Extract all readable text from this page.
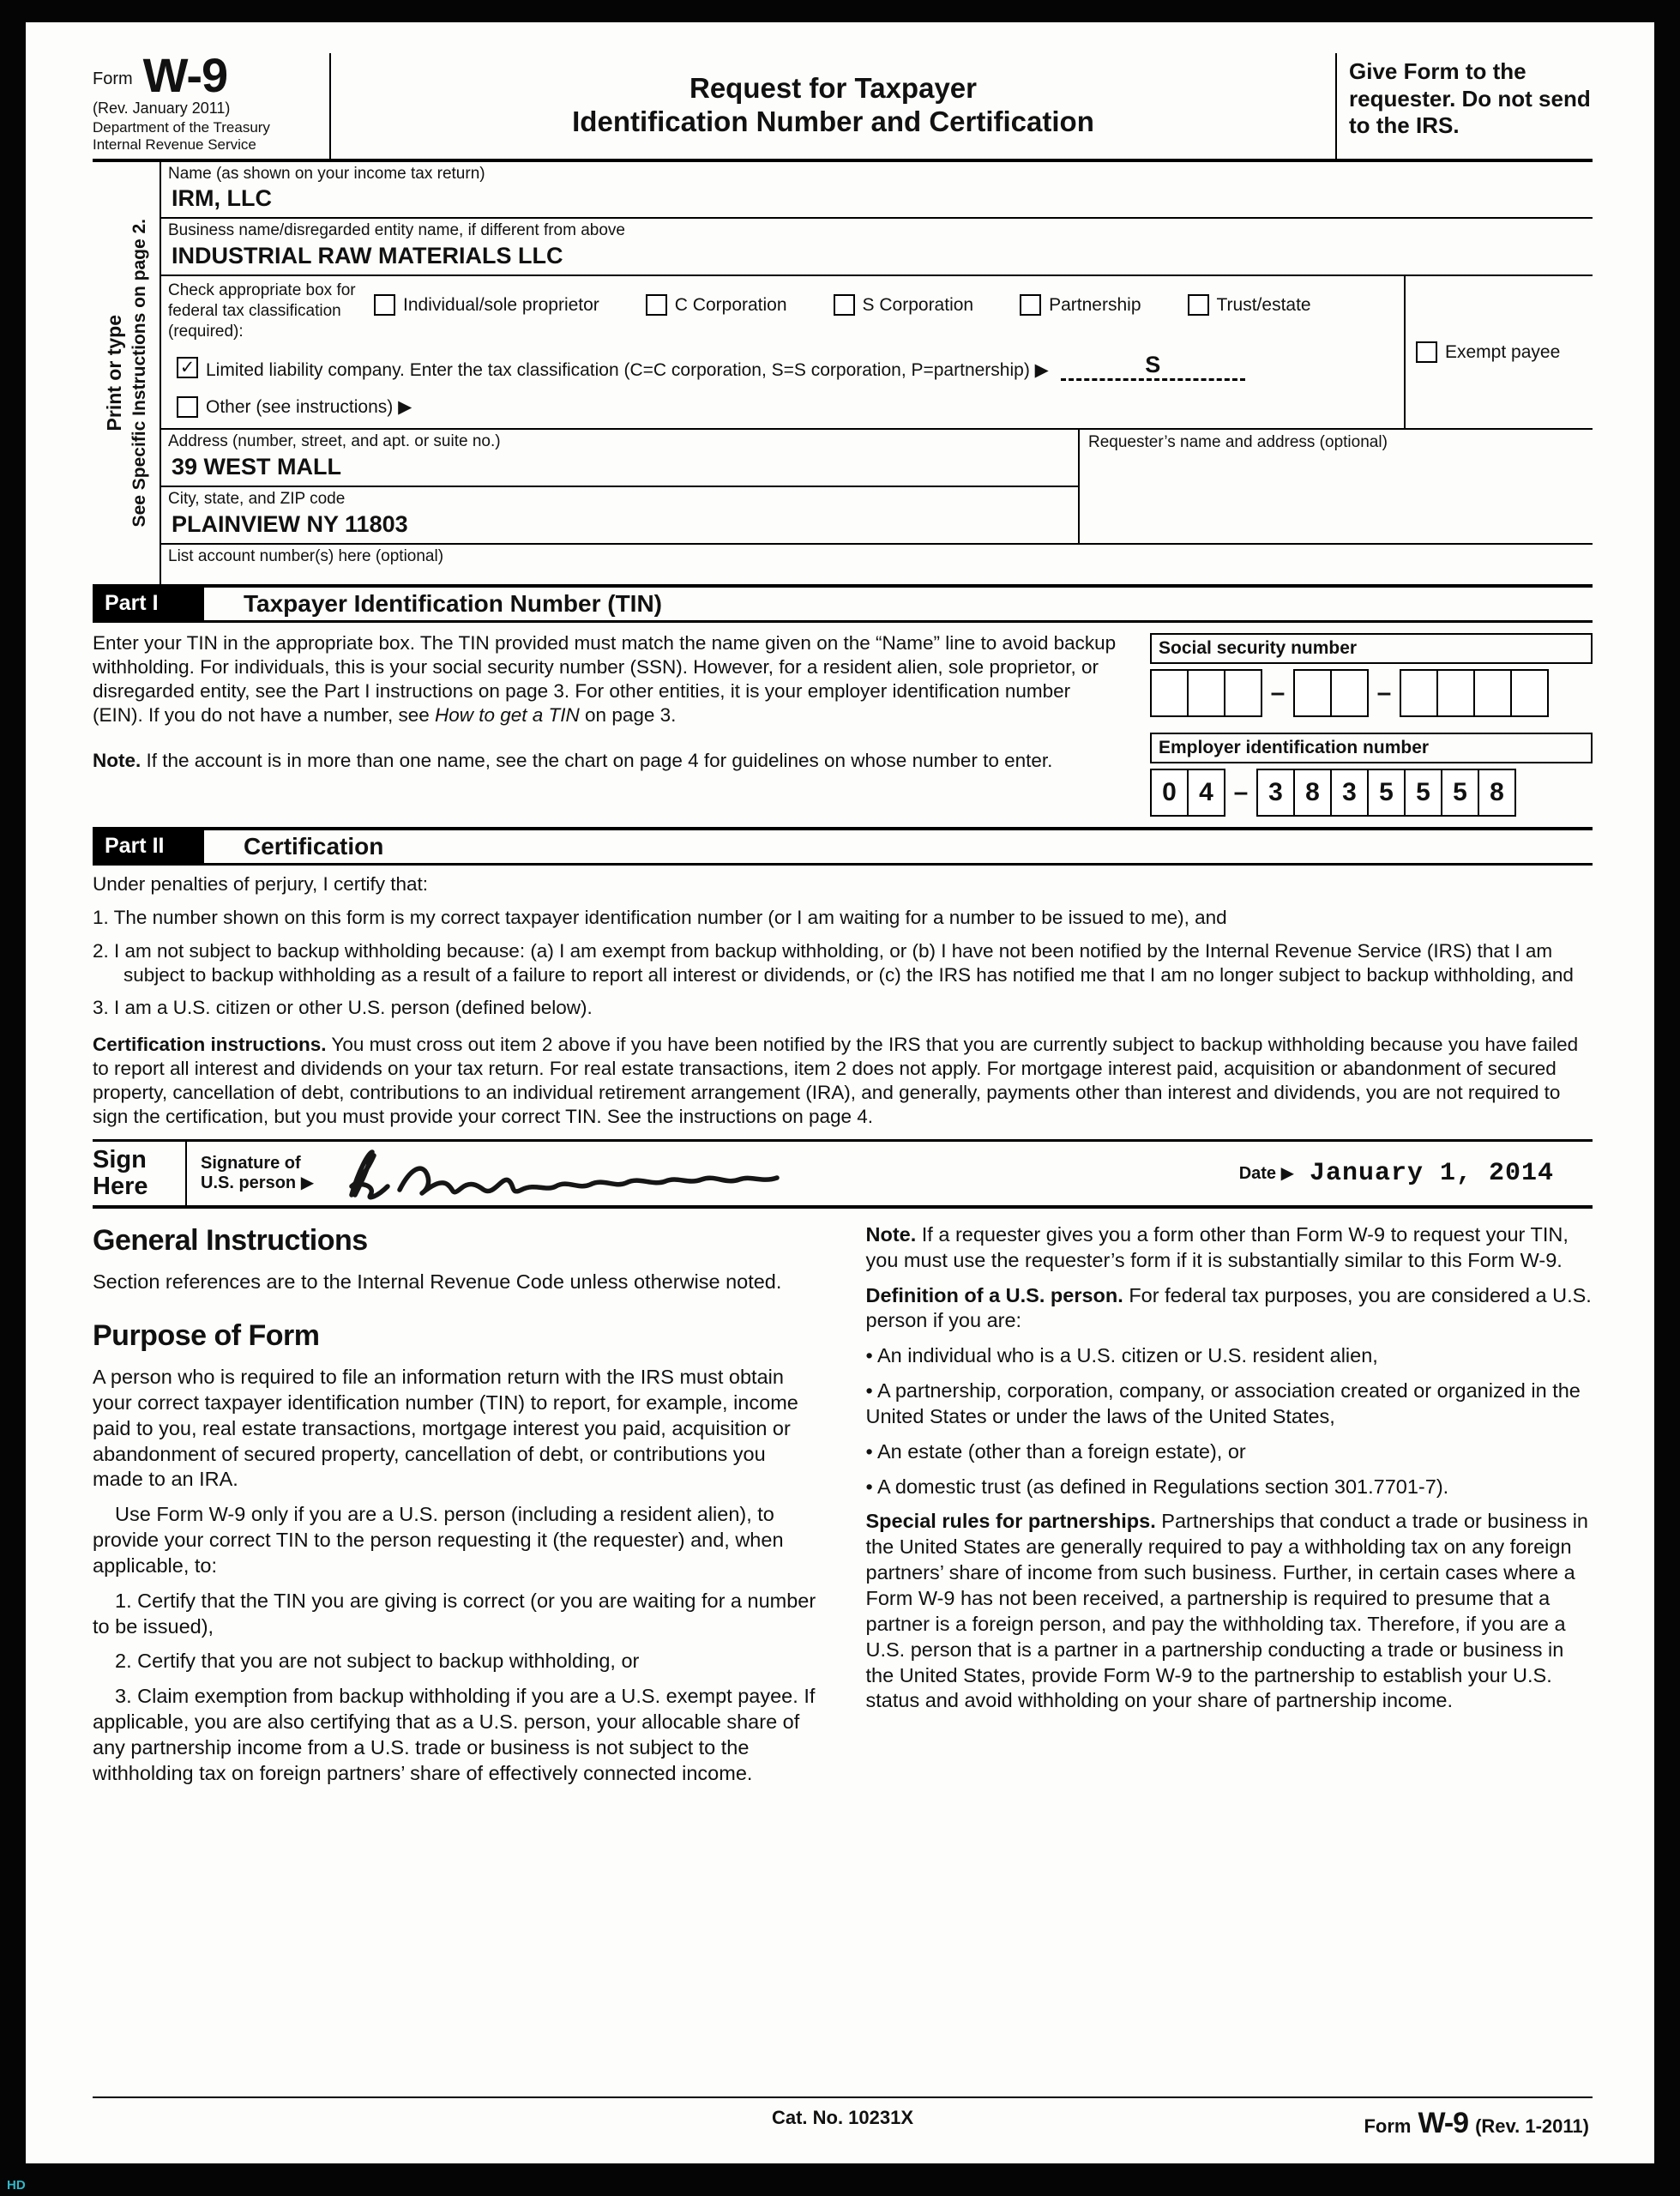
Form W-9
(Rev. January 2011)
Department of the Treasury
Internal Revenue Service
Request for Taxpayer
Identification Number and Certification
Give Form to the requester. Do not send to the IRS.
Print or type See Specific Instructions on page 2.
Name (as shown on your income tax return)
IRM, LLC
Business name/disregarded entity name, if different from above
INDUSTRIAL RAW MATERIALS LLC
Check appropriate box for federal tax classification (required):
Individual/sole proprietor	C Corporation	S Corporation	Partnership	Trust/estate
✓ Limited liability company. Enter the tax classification (C=C corporation, S=S corporation, P=partnership) ▶	S
Other (see instructions) ▶
Exempt payee
Address (number, street, and apt. or suite no.)
39 WEST MALL
City, state, and ZIP code
PLAINVIEW NY 11803
Requester’s name and address (optional)
List account number(s) here (optional)
Part I	Taxpayer Identification Number (TIN)

Enter your TIN in the appropriate box. The TIN provided must match the name given on the “Name” line to avoid backup withholding. For individuals, this is your social security number (SSN). However, for a resident alien, sole proprietor, or disregarded entity, see the Part I instructions on page 3. For other entities, it is your employer identification number (EIN). If you do not have a number, see How to get a TIN on page 3.

Note. If the account is in more than one name, see the chart on page 4 for guidelines on whose number to enter.

Social security number
–	–
Employer identification number
0 4 – 3 8 3 5 5 5 8
Part II	Certification
Under penalties of perjury, I certify that:
1. The number shown on this form is my correct taxpayer identification number (or I am waiting for a number to be issued to me), and
2. I am not subject to backup withholding because: (a) I am exempt from backup withholding, or (b) I have not been notified by the Internal Revenue Service (IRS) that I am subject to backup withholding as a result of a failure to report all interest or dividends, or (c) the IRS has notified me that I am no longer subject to backup withholding, and
3. I am a U.S. citizen or other U.S. person (defined below).
Certification instructions. You must cross out item 2 above if you have been notified by the IRS that you are currently subject to backup withholding because you have failed to report all interest and dividends on your tax return. For real estate transactions, item 2 does not apply. For mortgage interest paid, acquisition or abandonment of secured property, cancellation of debt, contributions to an individual retirement arrangement (IRA), and generally, payments other than interest and dividends, you are not required to sign the certification, but you must provide your correct TIN. See the instructions on page 4.
Sign Here
Signature of U.S. person ▶	Date ▶ January 1, 2014
General Instructions

Section references are to the Internal Revenue Code unless otherwise noted.

Purpose of Form

A person who is required to file an information return with the IRS must obtain your correct taxpayer identification number (TIN) to report, for example, income paid to you, real estate transactions, mortgage interest you paid, acquisition or abandonment of secured property, cancellation of debt, or contributions you made to an IRA.

Use Form W-9 only if you are a U.S. person (including a resident alien), to provide your correct TIN to the person requesting it (the requester) and, when applicable, to:

1. Certify that the TIN you are giving is correct (or you are waiting for a number to be issued),

2. Certify that you are not subject to backup withholding, or

3. Claim exemption from backup withholding if you are a U.S. exempt payee. If applicable, you are also certifying that as a U.S. person, your allocable share of any partnership income from a U.S. trade or business is not subject to the withholding tax on foreign partners’ share of effectively connected income.

Note. If a requester gives you a form other than Form W-9 to request your TIN, you must use the requester’s form if it is substantially similar to this Form W-9.

Definition of a U.S. person. For federal tax purposes, you are considered a U.S. person if you are:

• An individual who is a U.S. citizen or U.S. resident alien,

• A partnership, corporation, company, or association created or organized in the United States or under the laws of the United States,

• An estate (other than a foreign estate), or

• A domestic trust (as defined in Regulations section 301.7701-7).

Special rules for partnerships. Partnerships that conduct a trade or business in the United States are generally required to pay a withholding tax on any foreign partners’ share of income from such business. Further, in certain cases where a Form W-9 has not been received, a partnership is required to presume that a partner is a foreign person, and pay the withholding tax. Therefore, if you are a U.S. person that is a partner in a partnership conducting a trade or business in the United States, provide Form W-9 to the partnership to establish your U.S. status and avoid withholding on your share of partnership income.

Cat. No. 10231X	Form W-9 (Rev. 1-2011)
HD
